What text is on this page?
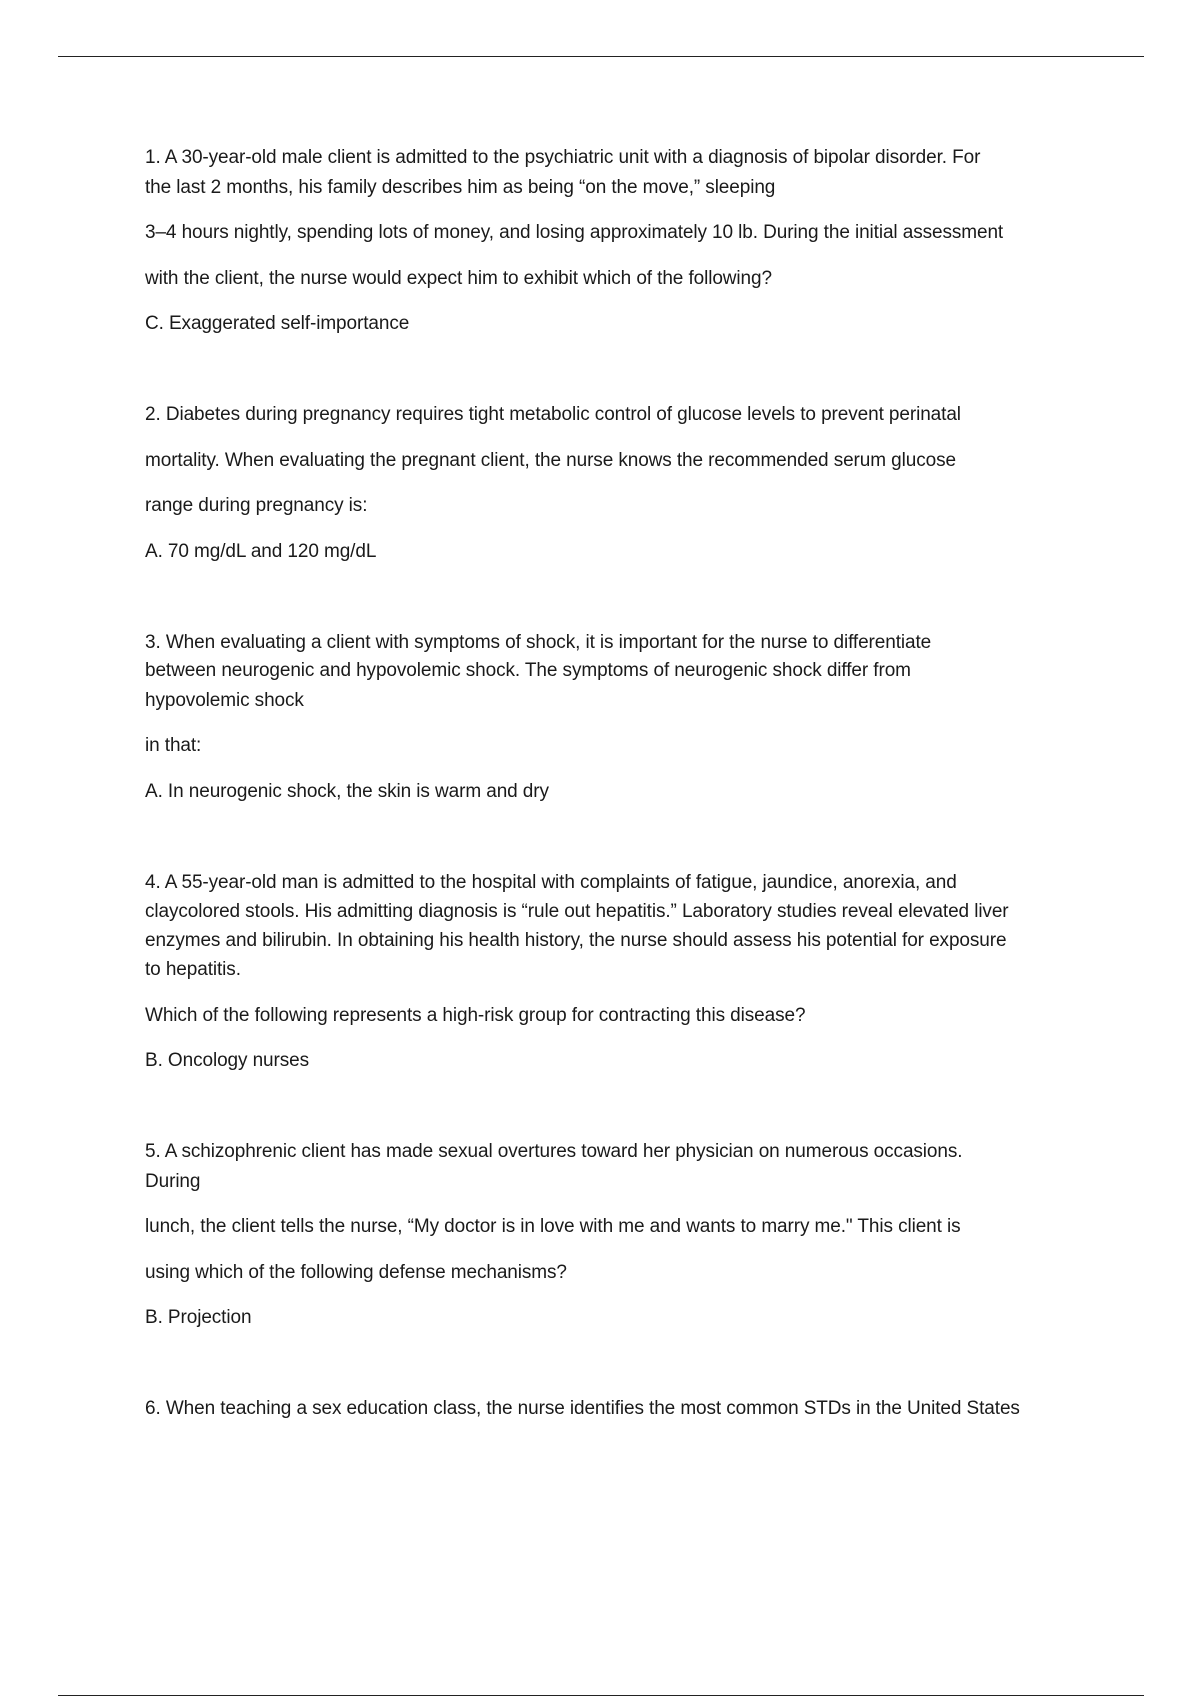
1. A 30-year-old male client is admitted to the psychiatric unit with a diagnosis of bipolar disorder. For
the last 2 months, his family describes him as being “on the move,” sleeping
3–4 hours nightly, spending lots of money, and losing approximately 10 lb. During the initial assessment
with the client, the nurse would expect him to exhibit which of the following?
C. Exaggerated self-importance
2. Diabetes during pregnancy requires tight metabolic control of glucose levels to prevent perinatal
mortality. When evaluating the pregnant client, the nurse knows the recommended serum glucose
range during pregnancy is:
A. 70 mg/dL and 120 mg/dL
3. When evaluating a client with symptoms of shock, it is important for the nurse to differentiate
between neurogenic and hypovolemic shock. The symptoms of neurogenic shock differ from
hypovolemic shock
in that:
A. In neurogenic shock, the skin is warm and dry
4. A 55-year-old man is admitted to the hospital with complaints of fatigue, jaundice, anorexia, and
claycolored stools. His admitting diagnosis is “rule out hepatitis.” Laboratory studies reveal elevated liver
enzymes and bilirubin. In obtaining his health history, the nurse should assess his potential for exposure
to hepatitis.
Which of the following represents a high-risk group for contracting this disease?
B. Oncology nurses
5. A schizophrenic client has made sexual overtures toward her physician on numerous occasions.
During
lunch, the client tells the nurse, “My doctor is in love with me and wants to marry me." This client is
using which of the following defense mechanisms?
B. Projection
6. When teaching a sex education class, the nurse identifies the most common STDs in the United States
